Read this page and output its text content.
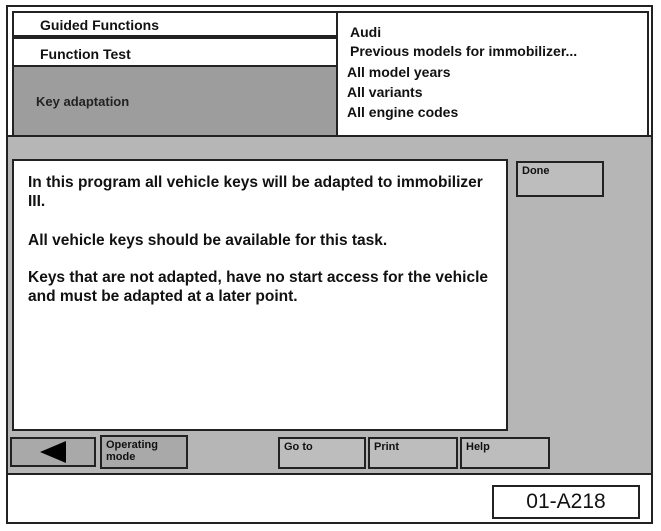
Guided Functions
Function Test
Key adaptation
Audi
Previous models for immobilizer...
All model years
All variants
All engine codes

In this program all vehicle keys will be adapted to immobilizer III.

All vehicle keys should be available for this task.

Keys that are not adapted, have no start access for the vehicle and must be adapted at a later point.

Done
Operating
mode
Go to	Print	Help
01-A218
